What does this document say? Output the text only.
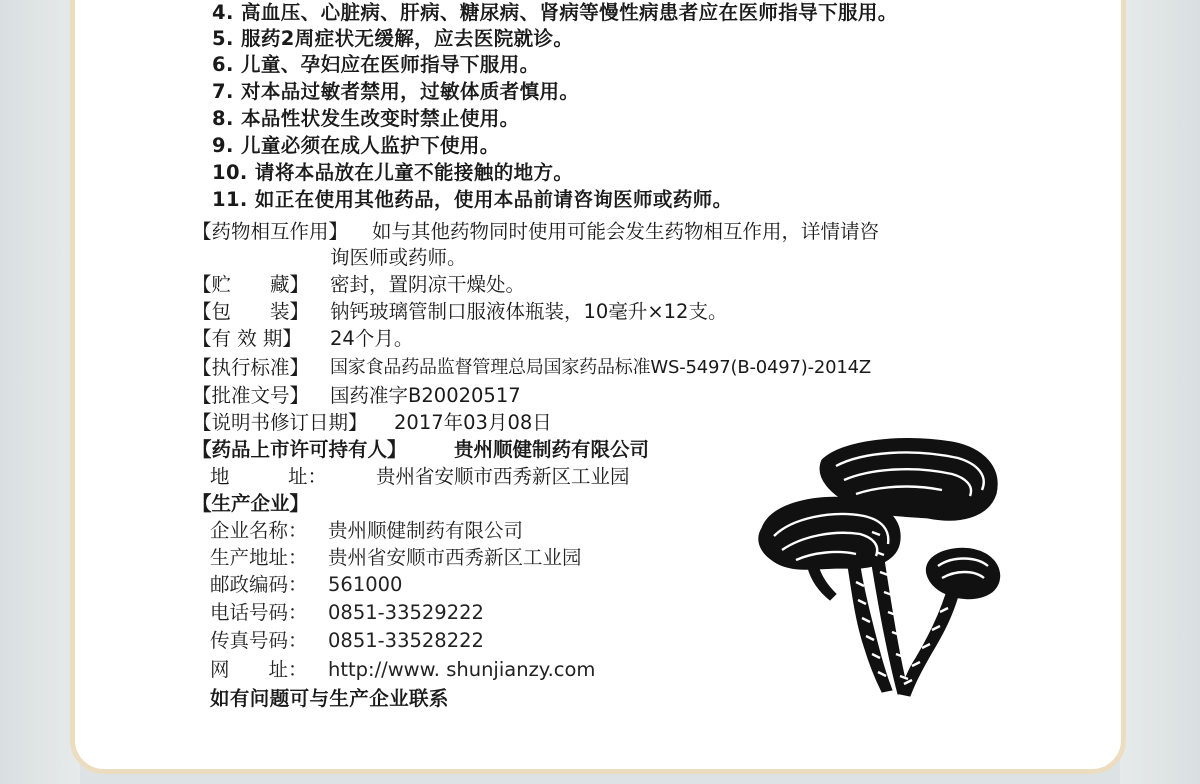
4. 高血压、心脏病、肝病、糖尿病、肾病等慢性病患者应在医师指导下服用。
5. 服药2周症状无缓解，应去医院就诊。
6. 儿童、孕妇应在医师指导下服用。
7. 对本品过敏者禁用，过敏体质者慎用。
8. 本品性状发生改变时禁止使用。
9. 儿童必须在成人监护下使用。
10. 请将本品放在儿童不能接触的地方。
11. 如正在使用其他药品，使用本品前请咨询医师或药师。
【药物相互作用】 如与其他药物同时使用可能会发生药物相互作用，详情请咨
询医师或药师。
【贮　　藏】 密封，置阴凉干燥处。
【包　　装】 钠钙玻璃管制口服液体瓶装，10毫升×12支。
【有 效 期】 24个月。
【执行标准】 国家食品药品监督管理总局国家药品标准WS-5497(B-0497)-2014Z
【批准文号】 国药准字B20020517
【说明书修订日期】 2017年03月08日
【药品上市许可持有人】 贵州顺健制药有限公司
地　　　址：	贵州省安顺市西秀新区工业园
【生产企业】
企业名称： 贵州顺健制药有限公司
生产地址： 贵州省安顺市西秀新区工业园
邮政编码： 561000
电话号码： 0851-33529222
传真号码： 0851-33528222
网　　址： http://www. shunjianzy.com
如有问题可与生产企业联系
